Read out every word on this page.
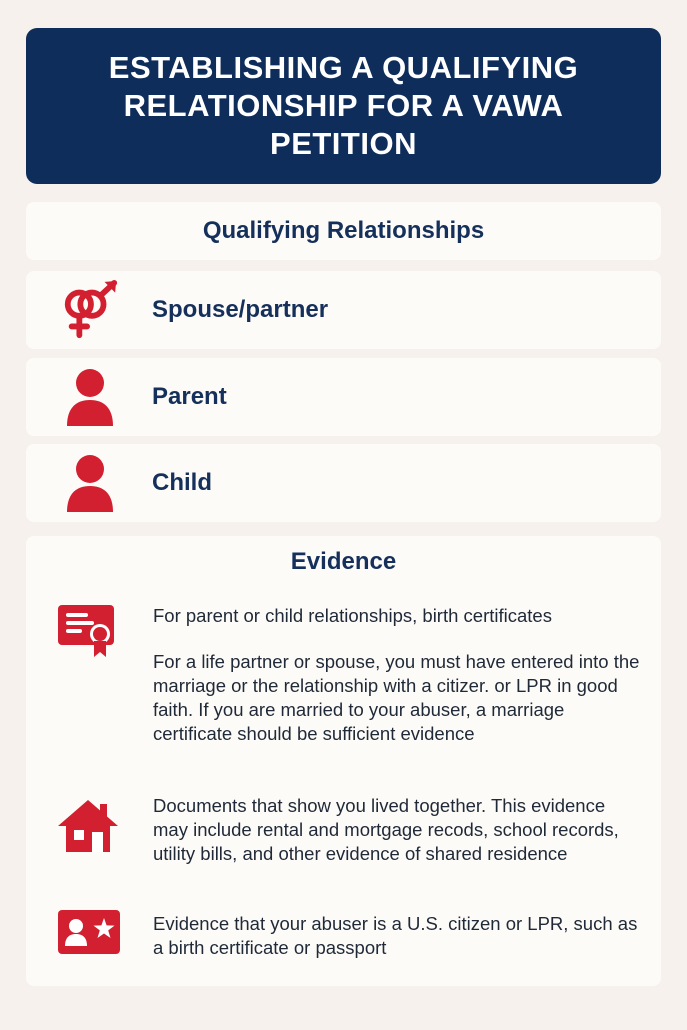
ESTABLISHING A QUALIFYING RELATIONSHIP FOR A VAWA PETITION
Qualifying Relationships
Spouse/partner
Parent
Child
Evidence

For parent or child relationships, birth certificates

For a life partner or spouse, you must have entered into the marriage or the relationship with a citizer. or LPR in good faith. If you are married to your abuser, a marriage certificate should be sufficient evidence

Documents that show you lived together. This evidence may include rental and mortgage recods, school records, utility bills, and other evidence of shared residence

Evidence that your abuser is a U.S. citizen or LPR, such as a birth certificate or passport
